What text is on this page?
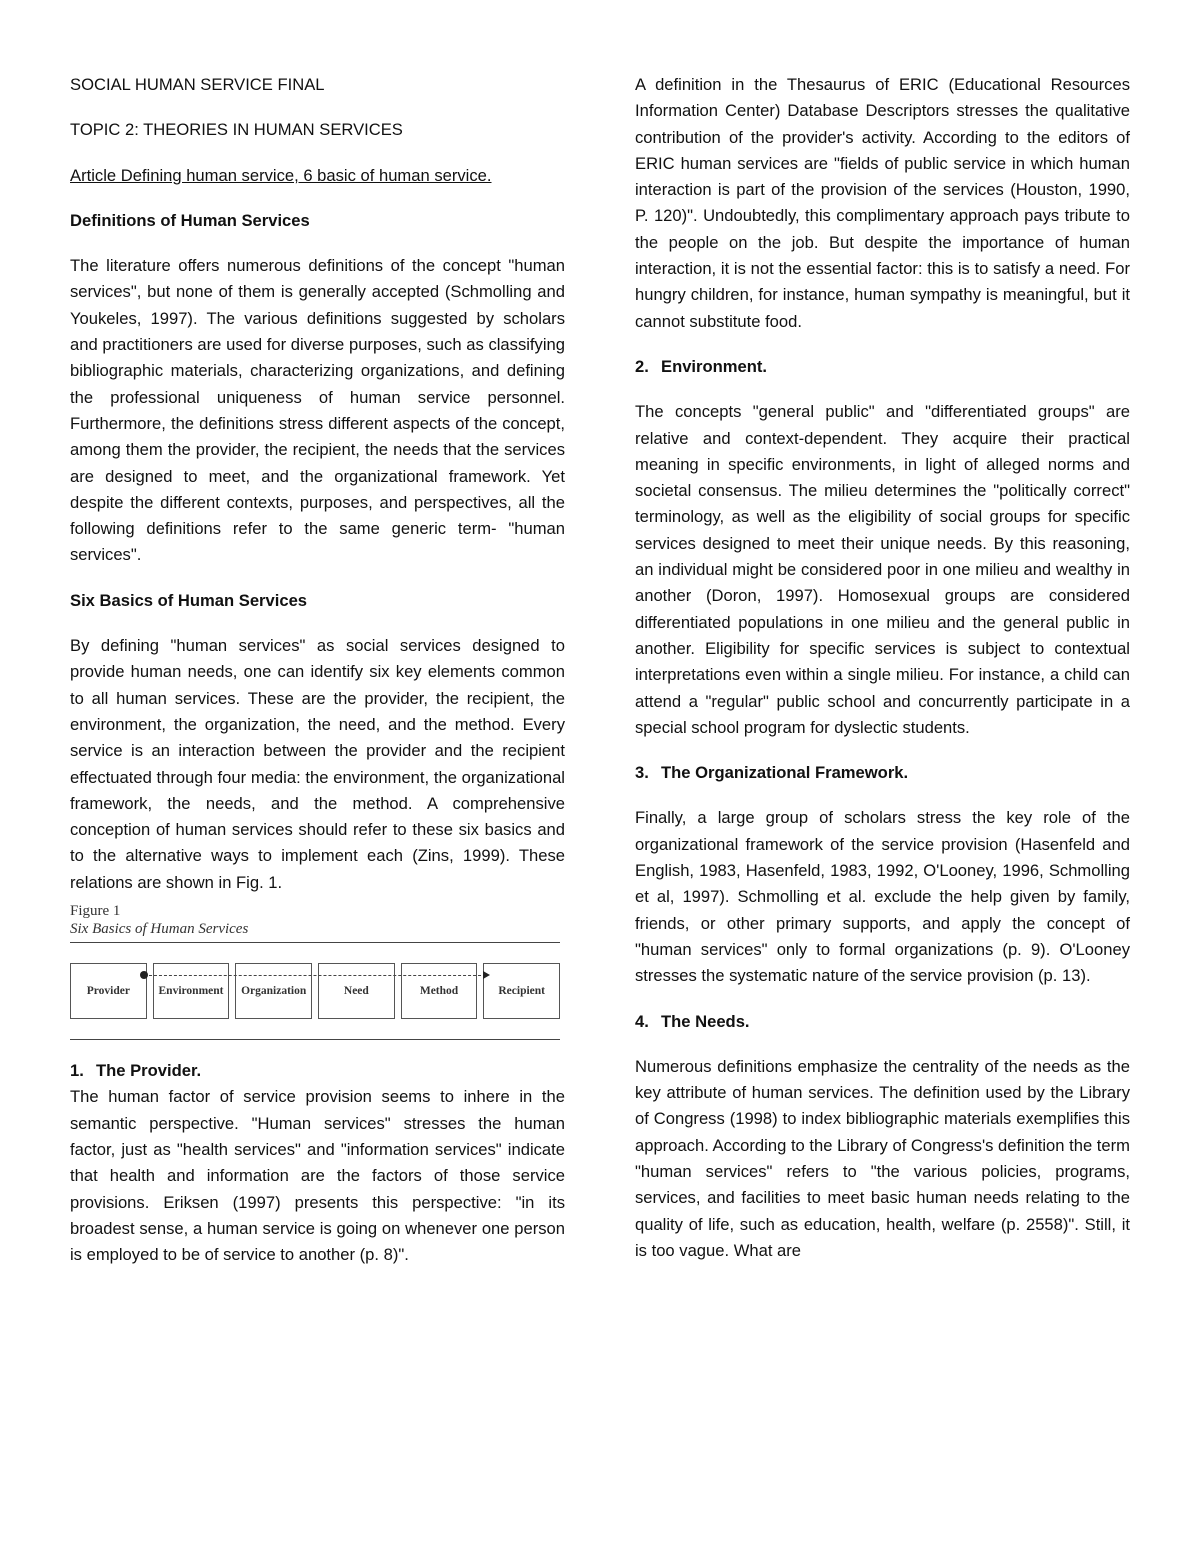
SOCIAL HUMAN SERVICE FINAL

TOPIC 2: THEORIES IN HUMAN SERVICES

Article Defining human service, 6 basic of human service.

Definitions of Human Services

The literature offers numerous definitions of the concept "human services", but none of them is generally accepted (Schmolling and Youkeles, 1997). The various definitions suggested by scholars and practitioners are used for diverse purposes, such as classifying bibliographic materials, characterizing organizations, and defining the professional uniqueness of human service personnel. Furthermore, the definitions stress different aspects of the concept, among them the provider, the recipient, the needs that the services are designed to meet, and the organizational framework. Yet despite the different contexts, purposes, and perspectives, all the following definitions refer to the same generic term- "human services".

Six Basics of Human Services

By defining "human services" as social services designed to provide human needs, one can identify six key elements common to all human services. These are the provider, the recipient, the environment, the organization, the need, and the method. Every service is an interaction between the provider and the recipient effectuated through four media: the environment, the organizational framework, the needs, and the method. A comprehensive conception of human services should refer to these six basics and to the alternative ways to implement each (Zins, 1999). These relations are shown in Fig. 1.

Figure 1
Six Basics of Human Services
Provider	Environment	Organization	Need	Method	Recipient
1. The Provider.

The human factor of service provision seems to inhere in the semantic perspective. "Human services" stresses the human factor, just as "health services" and "information services" indicate that health and information are the factors of those service provisions. Eriksen (1997) presents this perspective: "in its broadest sense, a human service is going on whenever one person is employed to be of service to another (p. 8)".

A definition in the Thesaurus of ERIC (Educational Resources Information Center) Database Descriptors stresses the qualitative contribution of the provider's activity. According to the editors of ERIC human services are "fields of public service in which human interaction is part of the provision of the services (Houston, 1990, P. 120)". Undoubtedly, this complimentary approach pays tribute to the people on the job. But despite the importance of human interaction, it is not the essential factor: this is to satisfy a need. For hungry children, for instance, human sympathy is meaningful, but it cannot substitute food.

2. Environment.

The concepts "general public" and "differentiated groups" are relative and context-dependent. They acquire their practical meaning in specific environments, in light of alleged norms and societal consensus. The milieu determines the "politically correct" terminology, as well as the eligibility of social groups for specific services designed to meet their unique needs. By this reasoning, an individual might be considered poor in one milieu and wealthy in another (Doron, 1997). Homosexual groups are considered differentiated populations in one milieu and the general public in another. Eligibility for specific services is subject to contextual interpretations even within a single milieu. For instance, a child can attend a "regular" public school and concurrently participate in a special school program for dyslectic students.

3. The Organizational Framework.

Finally, a large group of scholars stress the key role of the organizational framework of the service provision (Hasenfeld and English, 1983, Hasenfeld, 1983, 1992, O'Looney, 1996, Schmolling et al, 1997). Schmolling et al. exclude the help given by family, friends, or other primary supports, and apply the concept of "human services" only to formal organizations (p. 9). O'Looney stresses the systematic nature of the service provision (p. 13).

4. The Needs.

Numerous definitions emphasize the centrality of the needs as the key attribute of human services. The definition used by the Library of Congress (1998) to index bibliographic materials exemplifies this approach. According to the Library of Congress's definition the term "human services" refers to "the various policies, programs, services, and facilities to meet basic human needs relating to the quality of life, such as education, health, welfare (p. 2558)". Still, it is too vague. What are
